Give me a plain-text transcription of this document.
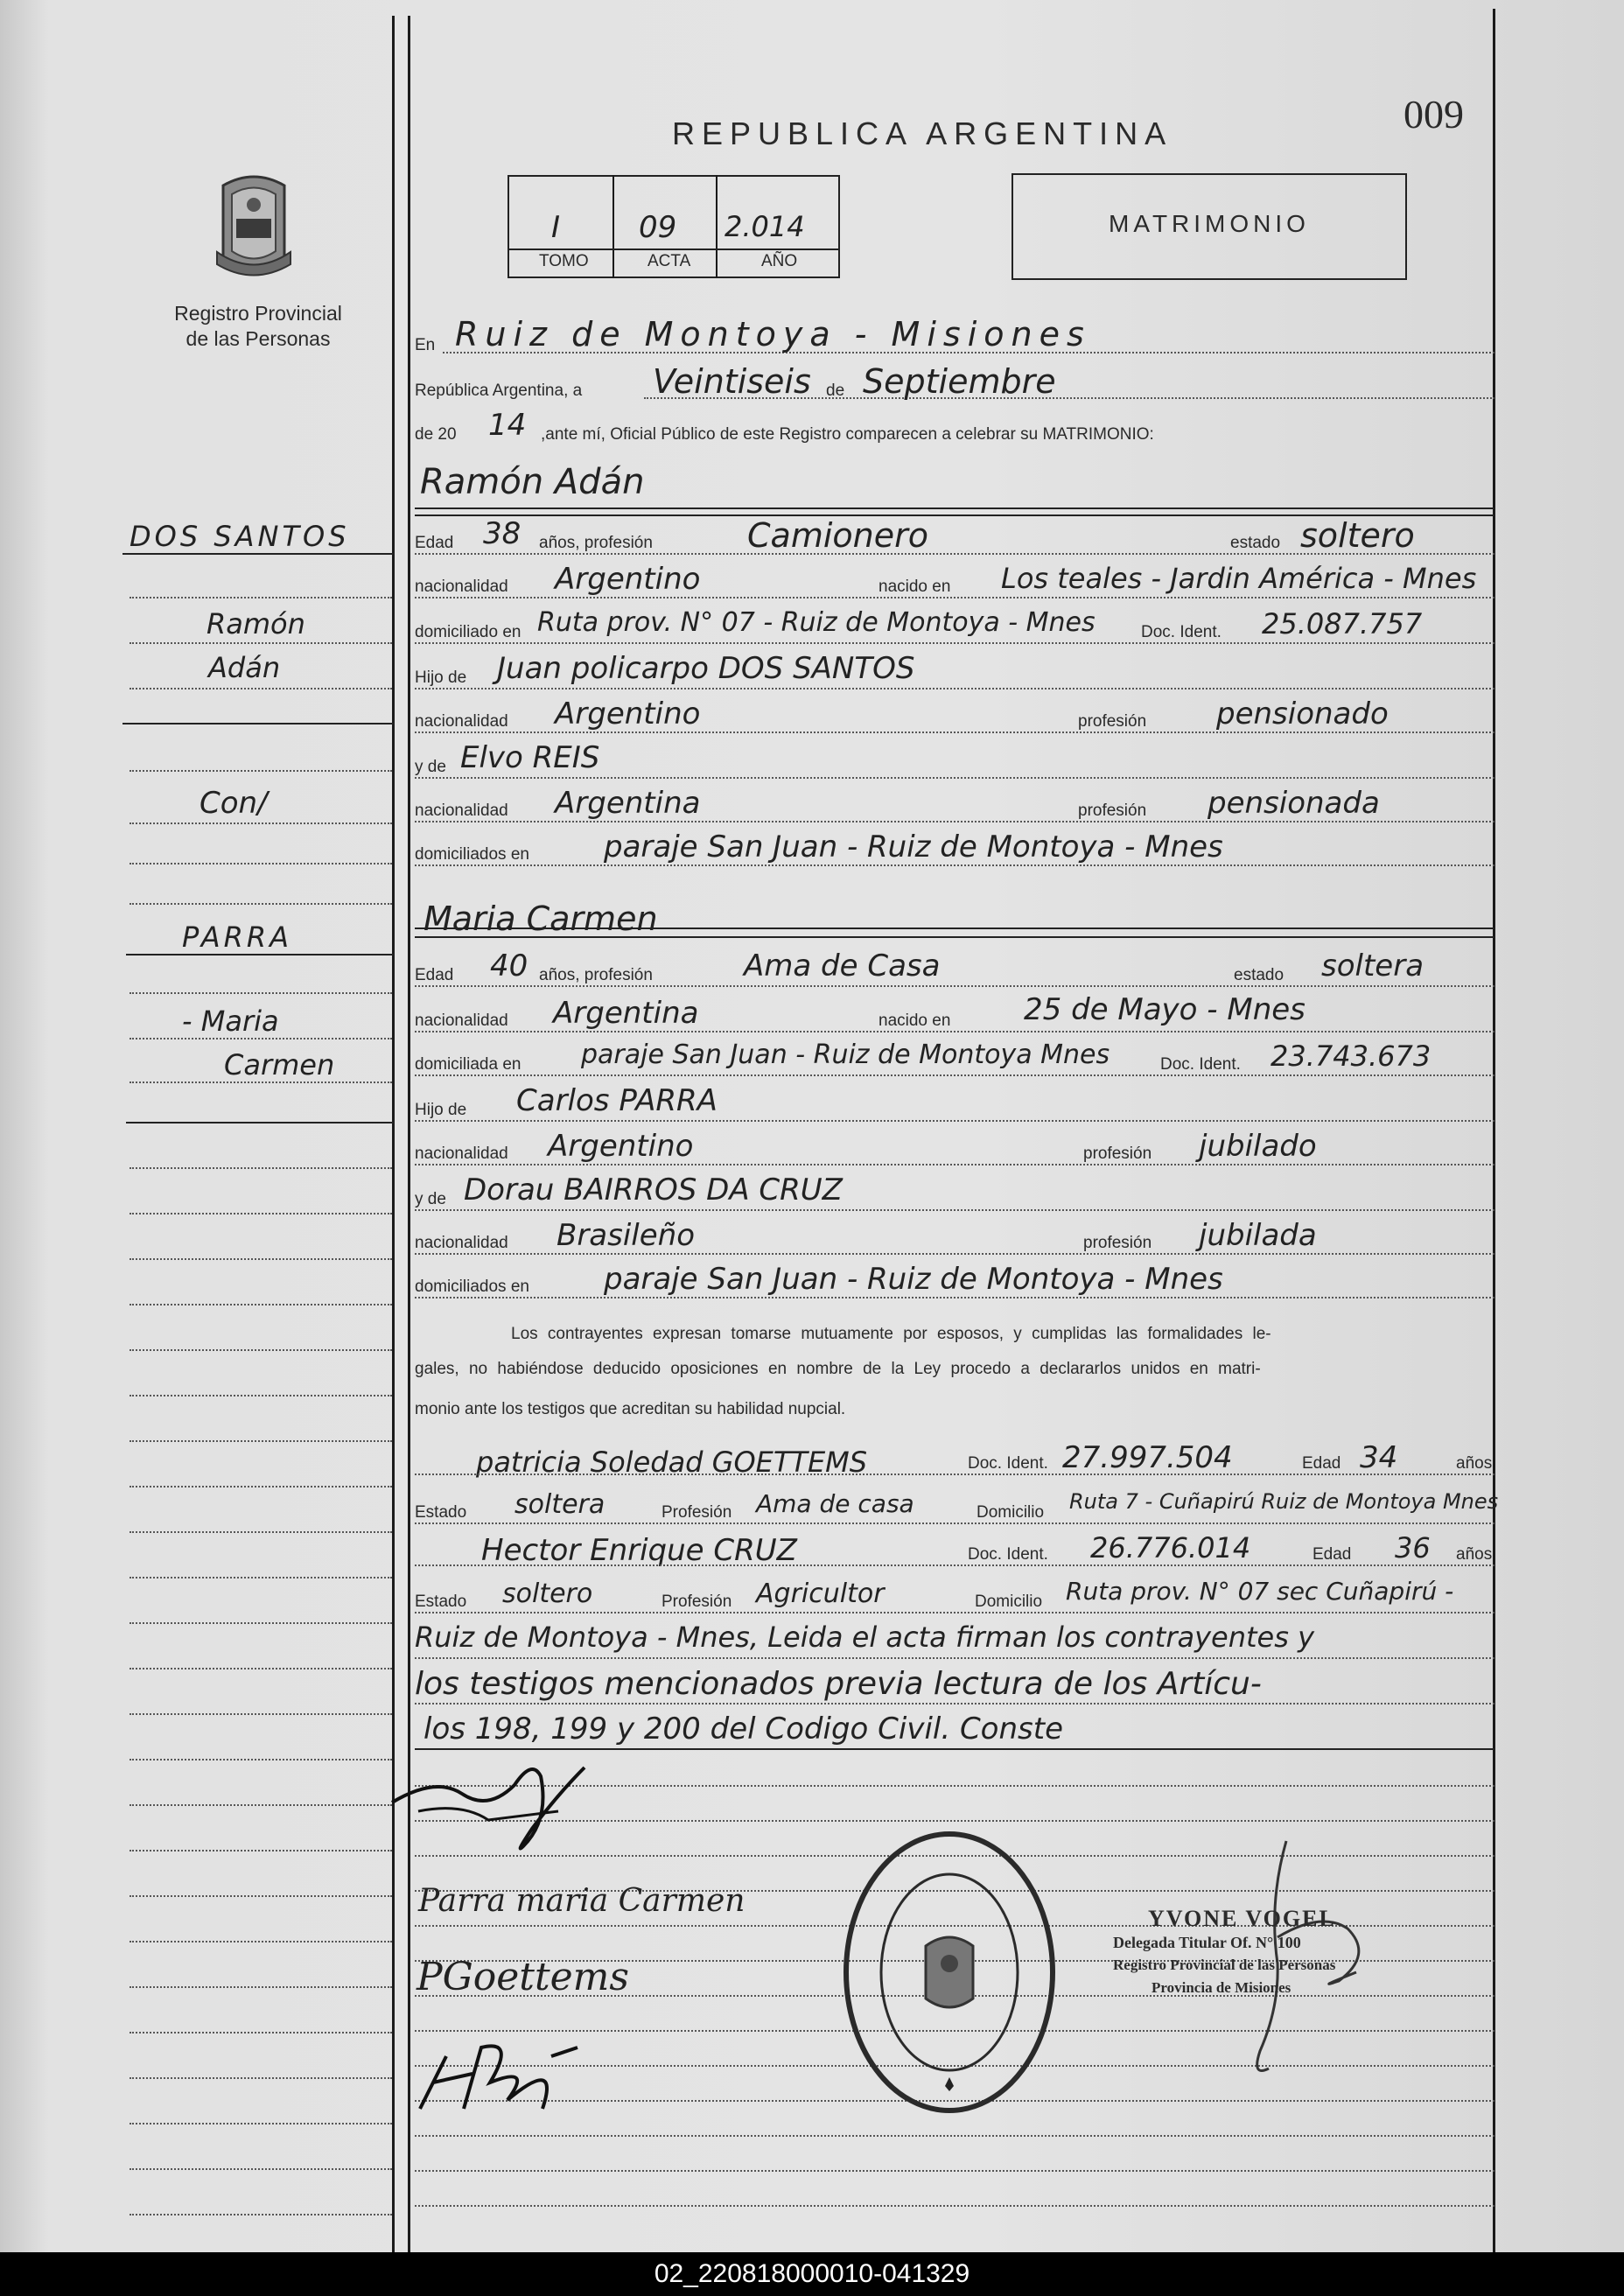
REPUBLICA ARGENTINA	009
Registro Provincial
de las Personas
I	09 2.014
TOMO	ACTA	AÑO
MATRIMONIO
En Ruiz de Montoya - Misiones
República Argentina, a Veintiseis de Septiembre
de 20 14 ,ante mí, Oficial Público de este Registro comparecen a celebrar su MATRIMONIO:
Ramón Adán
Edad 38 años, profesión	Camionero	estado soltero
nacionalidad Argentino	nacido en Los teales - Jardin América - Mnes
domiciliado en Ruta prov. N° 07 - Ruiz de Montoya - Mnes	Doc. Ident. 25.087.757
Hijo de Juan policarpo DOS SANTOS
nacionalidad Argentino	profesión pensionado
y de Elvo REIS
nacionalidad Argentina	profesión pensionada
domiciliados en	paraje San Juan - Ruiz de Montoya - Mnes
Maria Carmen
Edad 40 años, profesión	Ama de Casa	estado soltera
nacionalidad Argentina	nacido en 25 de Mayo - Mnes
domiciliada en paraje San Juan - Ruiz de Montoya Mnes	Doc. Ident. 23.743.673
Hijo de Carlos PARRA
nacionalidad Argentino	profesión jubilado
y de Dorau BAIRROS DA CRUZ
nacionalidad Brasileño	profesión jubilada
domiciliados en	paraje San Juan - Ruiz de Montoya - Mnes
Los contrayentes expresan tomarse mutuamente por esposos, y cumplidas las formalidades le-
gales, no habiéndose deducido oposiciones en nombre de la Ley procedo a declararlos unidos en matri-
monio ante los testigos que acreditan su habilidad nupcial.
patricia Soledad GOETTEMS	Doc. Ident. 27.997.504	Edad 34	años
Estado soltera	Profesión Ama de casa	Domicilio Ruta 7 - Cuñapirú Ruiz de Montoya Mnes
Hector Enrique CRUZ	Doc. Ident. 26.776.014	Edad 36 años
Estado soltero	Profesión Agricultor	Domicilio Ruta prov. N° 07 sec Cuñapirú -
Ruiz de Montoya - Mnes, Leida el acta firman los contrayentes y
los testigos mencionados previa lectura de los Artícu-
los 198, 199 y 200 del Codigo Civil. Conste
Parra maria Carmen
PGoettems
YVONE VOGEL
Delegada Titular Of. N° 100
Registro Provincial de las Personas
Provincia de Misiones
DOS SANTOS
Ramón
Adán
Con/
PARRA
- Maria
Carmen
02_220818000010-041329
